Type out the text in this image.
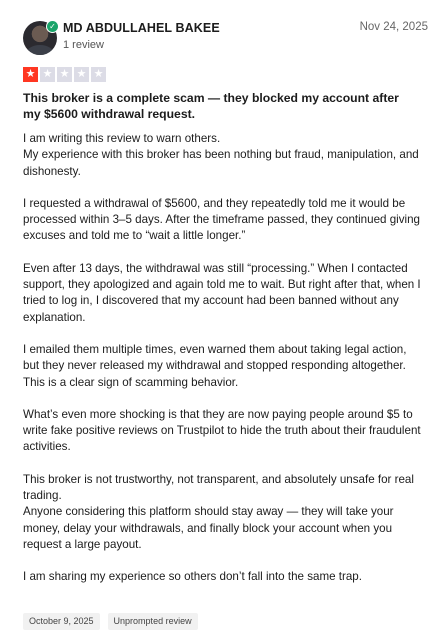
✓ MD ABDULLAHEL BAKEE
1 review
Nov 24, 2025
★ ★ ★ ★ ★
This broker is a complete scam — they blocked my account after my $5600 withdrawal request.

I am writing this review to warn others.
My experience with this broker has been nothing but fraud, manipulation, and dishonesty.

I requested a withdrawal of $5600, and they repeatedly told me it would be processed within 3–5 days. After the timeframe passed, they continued giving excuses and told me to “wait a little longer.”

Even after 13 days, the withdrawal was still “processing.” When I contacted support, they apologized and again told me to wait. But right after that, when I tried to log in, I discovered that my account had been banned without any explanation.

I emailed them multiple times, even warned them about taking legal action, but they never released my withdrawal and stopped responding altogether. This is a clear sign of scamming behavior.

What’s even more shocking is that they are now paying people around $5 to write fake positive reviews on Trustpilot to hide the truth about their fraudulent activities.

This broker is not trustworthy, not transparent, and absolutely unsafe for real trading.
Anyone considering this platform should stay away — they will take your money, delay your withdrawals, and finally block your account when you request a large payout.

I am sharing my experience so others don’t fall into the same trap.

October 9, 2025	Unprompted review
